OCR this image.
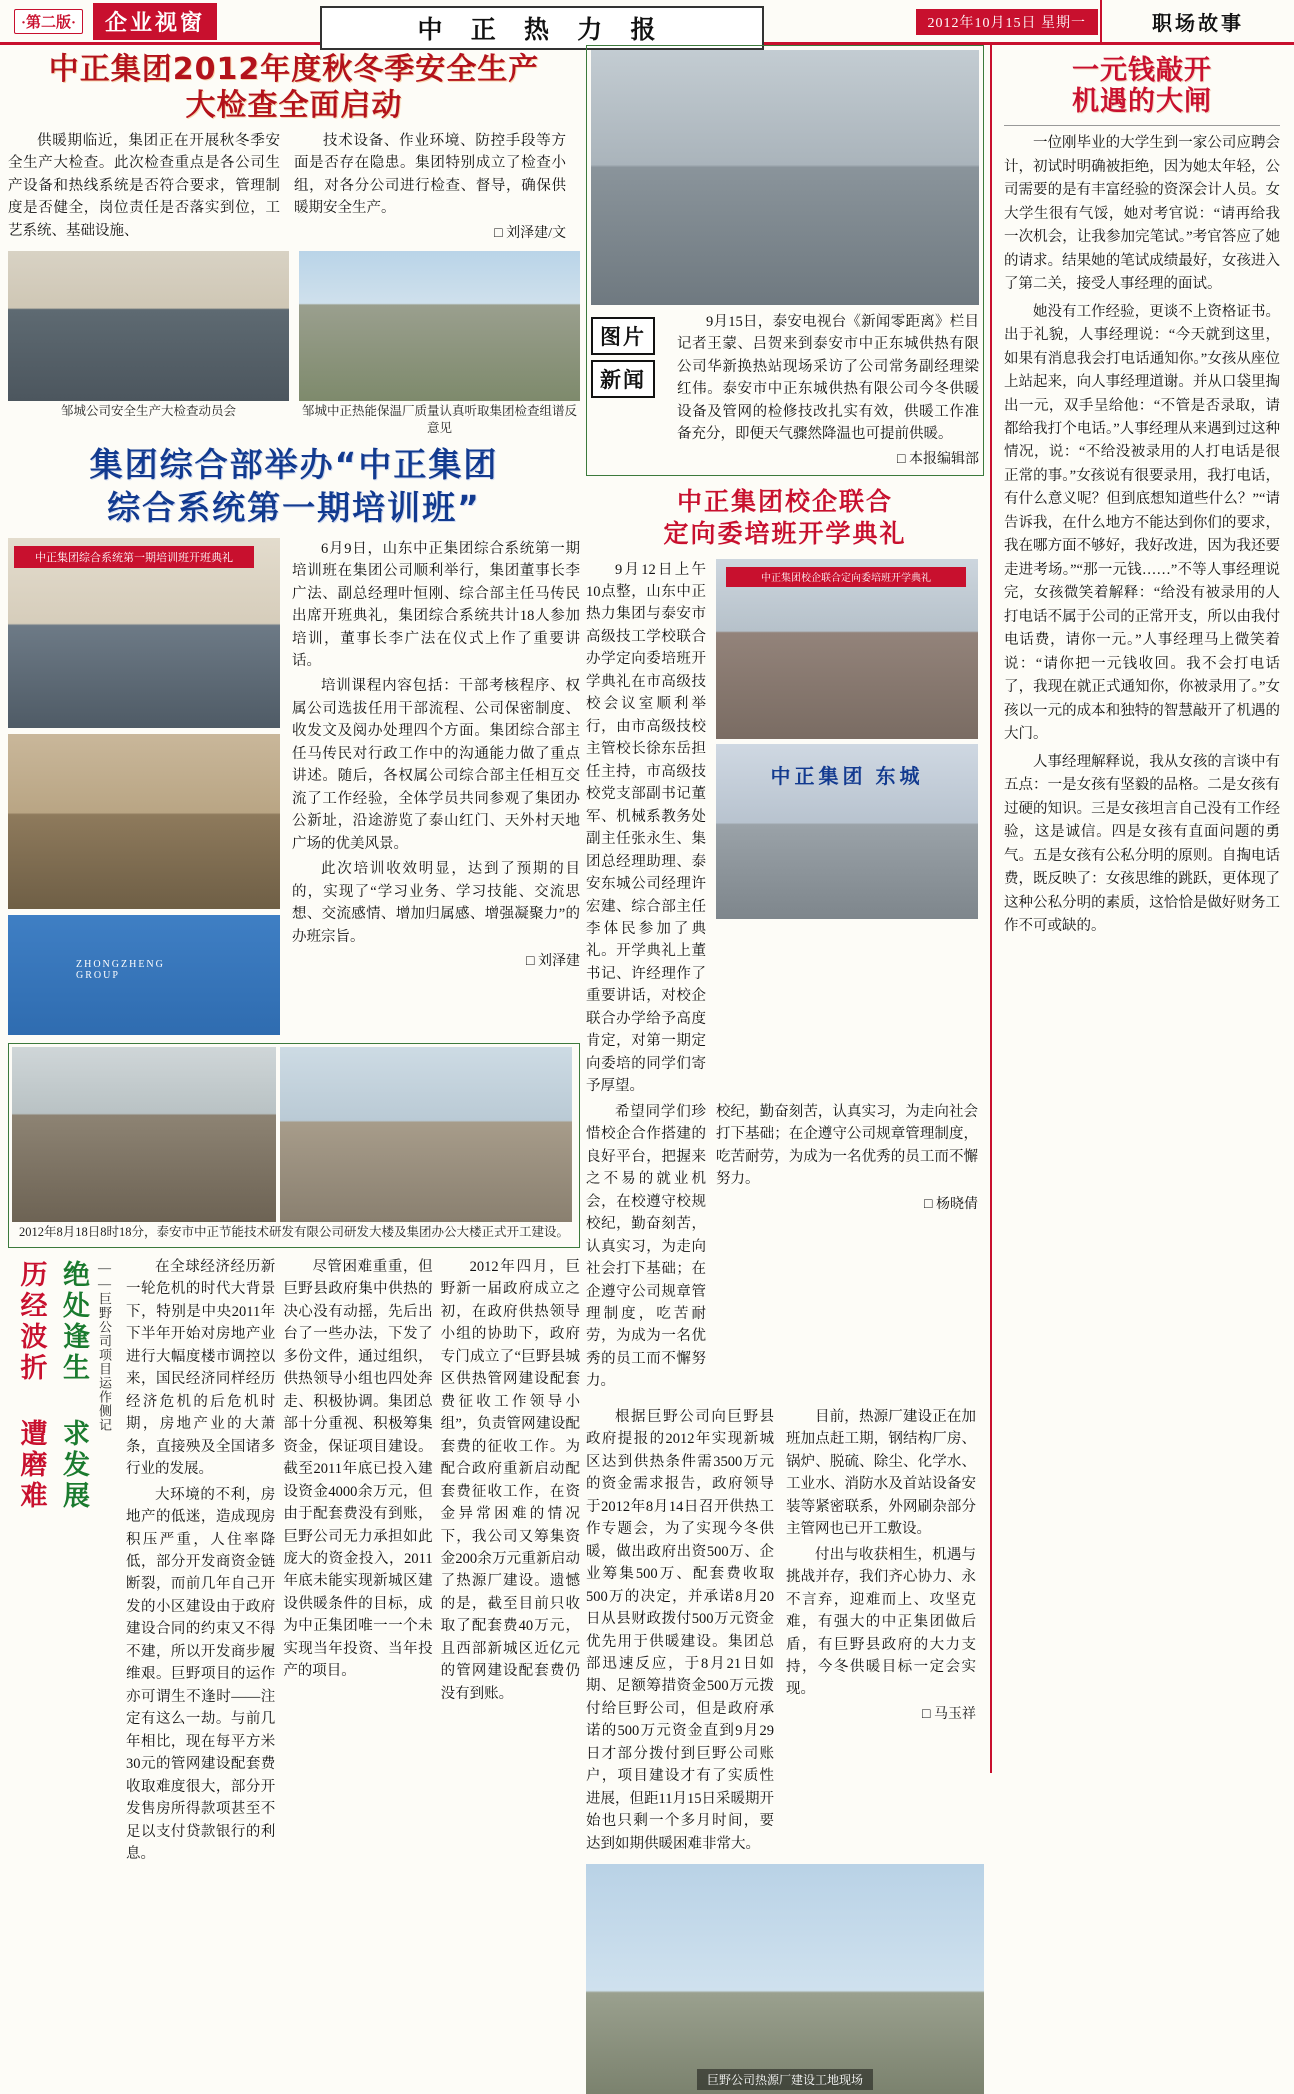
·第二版·	企业视窗	中 正 热 力 报	2012年10月15日 星期一	职场故事
中正集团2012年度秋冬季安全生产
大检查全面启动

供暖期临近，集团正在开展秋冬季安全生产大检查。此次检查重点是各公司生产设备和热线系统是否符合要求，管理制度是否健全，岗位责任是否落实到位，工艺系统、基础设施、

技术设备、作业环境、防控手段等方面是否存在隐患。集团特别成立了检查小组，对各分公司进行检查、督导，确保供暖期安全生产。

□ 刘泽建/文
邹城公司安全生产大检查动员会	邹城中正热能保温厂质量认真听取集团检查组谱反意见
集团综合部举办“中正集团
综合系统第一期培训班”
中正集团综合系统第一期培训班开班典礼
ZHONGZHENG GROUP

6月9日，山东中正集团综合系统第一期培训班在集团公司顺利举行，集团董事长李广法、副总经理叶恒刚、综合部主任马传民出席开班典礼，集团综合系统共计18人参加培训，董事长李广法在仪式上作了重要讲话。

培训课程内容包括：干部考核程序、权属公司选拔任用干部流程、公司保密制度、收发文及阅办处理四个方面。集团综合部主任马传民对行政工作中的沟通能力做了重点讲述。随后，各权属公司综合部主任相互交流了工作经验，全体学员共同参观了集团办公新址，沿途游览了泰山红门、天外村天地广场的优美风景。

此次培训收效明显，达到了预期的目的，实现了“学习业务、学习技能、交流思想、交流感情、增加归属感、增强凝聚力”的办班宗旨。

□ 刘泽建
2012年8月18日8时18分，泰安市中正节能技术研发有限公司研发大楼及集团办公大楼正式开工建设。
历经波折 遭磨难 绝处逢生 求发展 ——巨野公司项目运作侧记	在全球经济经历新一轮危机的时代大背景下，特别是中央2011年下半年开始对房地产业进行大幅度楼市调控以来，国民经济同样经历经济危机的后危机时期，房地产业的大萧条，直接殃及全国诸多行业的发展。

大环境的不利，房地产的低迷，造成现房积压严重，人住率降低，部分开发商资金链断裂，而前几年自己开发的小区建设由于政府建设合同的约束又不得不建，所以开发商步履维艰。巨野项目的运作亦可谓生不逢时——注定有这么一劫。与前几年相比，现在每平方米30元的管网建设配套费收取难度很大，部分开发售房所得款项甚至不足以支付贷款银行的利息。

尽管困难重重，但巨野县政府集中供热的决心没有动摇，先后出台了一些办法，下发了多份文件，通过组织，供热领导小组也四处奔走、积极协调。集团总部十分重视、积极筹集资金，保证项目建设。截至2011年底已投入建设资金4000余万元，但由于配套费没有到账，巨野公司无力承担如此庞大的资金投入，2011年底未能实现新城区建设供暖条件的目标，成为中正集团唯一一个未实现当年投资、当年投产的项目。

2012年四月，巨野新一届政府成立之初，在政府供热领导小组的协助下，政府专门成立了“巨野县城区供热管网建设配套费征收工作领导小组”，负责管网建设配套费的征收工作。为配合政府重新启动配套费征收工作，在资金异常困难的情况下，我公司又筹集资金200余万元重新启动了热源厂建设。遗憾的是，截至目前只收取了配套费40万元，且西部新城区近亿元的管网建设配套费仍没有到账。

图片 新闻

9月15日，泰安电视台《新闻零距离》栏目记者王蒙、吕贺来到泰安市中正东城供热有限公司华新换热站现场采访了公司常务副经理梁红伟。泰安市中正东城供热有限公司今冬供暖设备及管网的检修技改扎实有效，供暖工作准备充分，即便天气骤然降温也可提前供暖。

□ 本报编辑部
中正集团校企联合
定向委培班开学典礼

9月12日上午10点整，山东中正热力集团与泰安市高级技工学校联合办学定向委培班开学典礼在市高级技校会议室顺利举行，由市高级技校主管校长徐东岳担任主持，市高级技校党支部副书记董军、机械系教务处副主任张永生、集团总经理助理、泰安东城公司经理许宏建、综合部主任李体民参加了典礼。开学典礼上董书记、许经理作了重要讲话，对校企联合办学给予高度肯定，对第一期定向委培的同学们寄予厚望。

中正集团校企联合定向委培班开学典礼
中正集团 东城

希望同学们珍惜校企合作搭建的良好平台，把握来之不易的就业机会，在校遵守校规校纪，勤奋刻苦，认真实习，为走向社会打下基础；在企遵守公司规章管理制度，吃苦耐劳，为成为一名优秀的员工而不懈努力。

校纪，勤奋刻苦，认真实习，为走向社会打下基础；在企遵守公司规章管理制度，吃苦耐劳，为成为一名优秀的员工而不懈努力。

□ 杨晓倩

根据巨野公司向巨野县政府提报的2012年实现新城区达到供热条件需3500万元的资金需求报告，政府领导于2012年8月14日召开供热工作专题会，为了实现今冬供暖，做出政府出资500万、企业筹集500万、配套费收取500万的决定，并承诺8月20日从县财政拨付500万元资金优先用于供暖建设。集团总部迅速反应，于8月21日如期、足额筹措资金500万元拨付给巨野公司，但是政府承诺的500万元资金直到9月29日才部分拨付到巨野公司账户，项目建设才有了实质性进展，但距11月15日采暖期开始也只剩一个多月时间，要达到如期供暖困难非常大。

目前，热源厂建设正在加班加点赶工期，钢结构厂房、锅炉、脱硫、除尘、化学水、工业水、消防水及首站设备安装等紧密联系，外网刷杂部分主管网也已开工敷设。

付出与收获相生，机遇与挑战并存，我们齐心协力、永不言弃，迎难而上、攻坚克难，有强大的中正集团做后盾，有巨野县政府的大力支持，今冬供暖目标一定会实现。

□ 马玉祥
巨野公司热源厂建设工地现场
一元钱敲开
机遇的大闸

一位刚毕业的大学生到一家公司应聘会计，初试时明确被拒绝，因为她太年轻，公司需要的是有丰富经验的资深会计人员。女大学生很有气馁，她对考官说：“请再给我一次机会，让我参加完笔试。”考官答应了她的请求。结果她的笔试成绩最好，女孩进入了第二关，接受人事经理的面试。

她没有工作经验，更谈不上资格证书。出于礼貌，人事经理说：“今天就到这里，如果有消息我会打电话通知你。”女孩从座位上站起来，向人事经理道谢。并从口袋里掏出一元，双手呈给他：“不管是否录取，请都给我打个电话。”人事经理从来遇到过这种情况，说：“不给没被录用的人打电话是很正常的事。”女孩说有很要录用，我打电话，有什么意义呢？但到底想知道些什么？”“请告诉我，在什么地方不能达到你们的要求，我在哪方面不够好，我好改进，因为我还要走进考场。”“那一元钱……”不等人事经理说完，女孩微笑着解释：“给没有被录用的人打电话不属于公司的正常开支，所以由我付电话费，请你一元。”人事经理马上微笑着说：“请你把一元钱收回。我不会打电话了，我现在就正式通知你，你被录用了。”女孩以一元的成本和独特的智慧敲开了机遇的大门。

人事经理解释说，我从女孩的言谈中有五点：一是女孩有坚毅的品格。二是女孩有过硬的知识。三是女孩坦言自己没有工作经验，这是诚信。四是女孩有直面问题的勇气。五是女孩有公私分明的原则。自掏电话费，既反映了：女孩思维的跳跃，更体现了这种公私分明的素质，这恰恰是做好财务工作不可或缺的。
